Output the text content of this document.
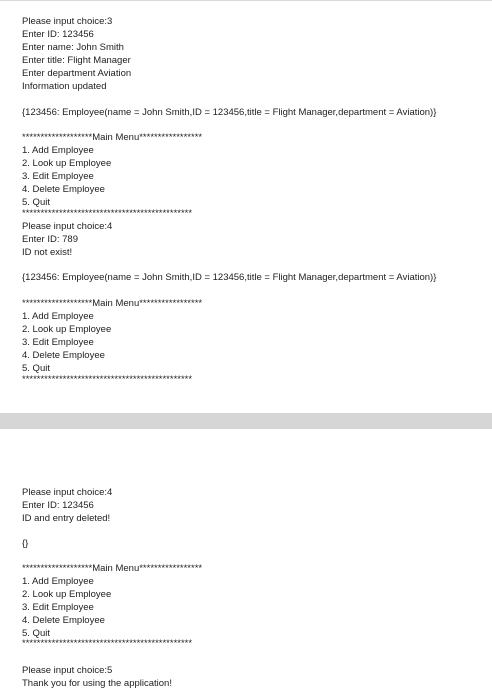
Please input choice:3
Enter ID: 123456
Enter name: John Smith
Enter title: Flight Manager
Enter department Aviation
Information updated
{123456: Employee(name = John Smith,ID = 123456,title = Flight Manager,department = Aviation)}
*******************Main Menu*****************
1. Add Employee
2. Look up Employee
3. Edit Employee
4. Delete Employee
5. Quit
**********************************************
Please input choice:4
Enter ID: 789
ID not exist!
{123456: Employee(name = John Smith,ID = 123456,title = Flight Manager,department = Aviation)}
*******************Main Menu*****************
1. Add Employee
2. Look up Employee
3. Edit Employee
4. Delete Employee
5. Quit
**********************************************
Please input choice:4
Enter ID: 123456
ID and entry deleted!
{}
*******************Main Menu*****************
1. Add Employee
2. Look up Employee
3. Edit Employee
4. Delete Employee
5. Quit
**********************************************
Please input choice:5
Thank you for using the application!
